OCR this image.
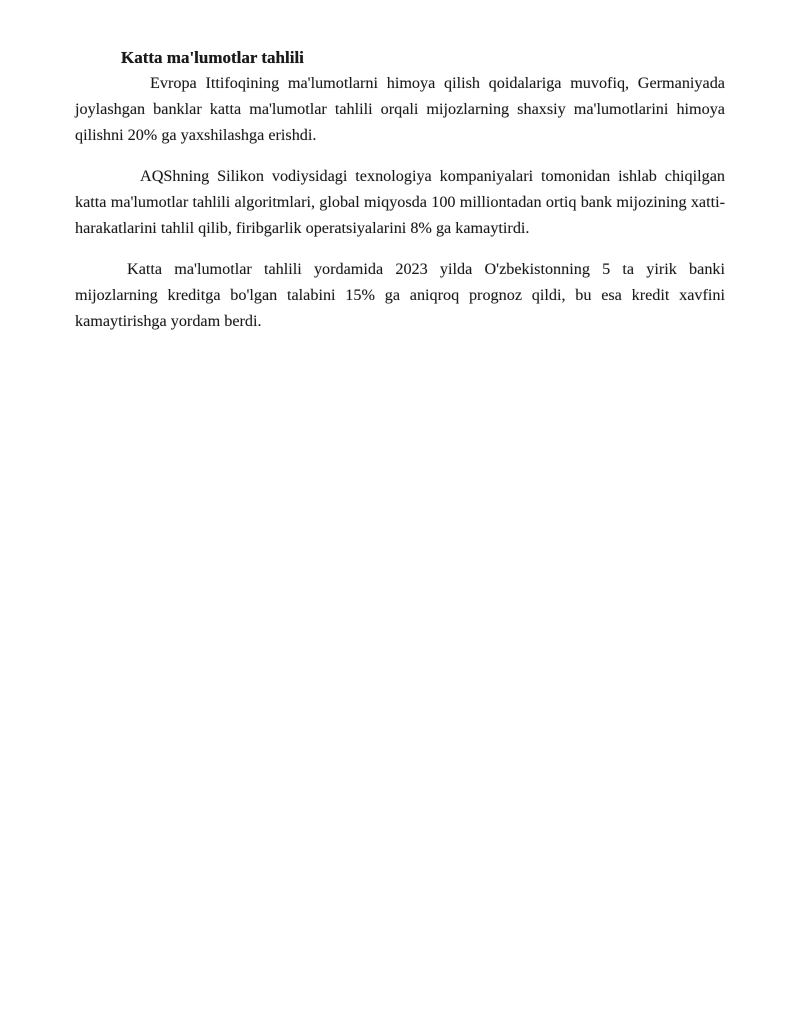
Katta ma'lumotlar tahlili

Evropa Ittifoqining ma'lumotlarni himoya qilish qoidalariga muvofiq, Germaniyada joylashgan banklar katta ma'lumotlar tahlili orqali mijozlarning shaxsiy ma'lumotlarini himoya qilishni 20% ga yaxshilashga erishdi.

AQShning Silikon vodiysidagi texnologiya kompaniyalari tomonidan ishlab chiqilgan katta ma'lumotlar tahlili algoritmlari, global miqyosda 100 milliontadan ortiq bank mijozining xatti-harakatlarini tahlil qilib, firibgarlik operatsiyalarini 8% ga kamaytirdi.

Katta ma'lumotlar tahlili yordamida 2023 yilda O'zbekistonning 5 ta yirik banki mijozlarning kreditga bo'lgan talabini 15% ga aniqroq prognoz qildi, bu esa kredit xavfini kamaytirishga yordam berdi.
